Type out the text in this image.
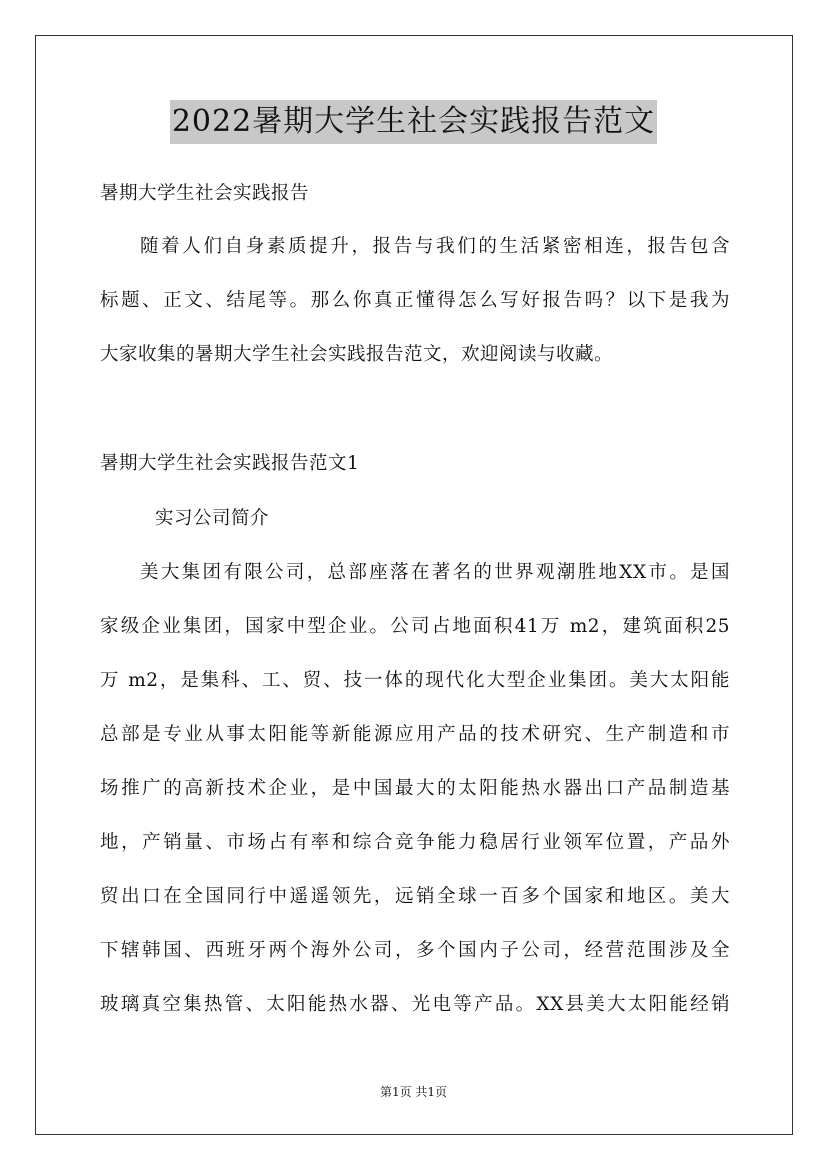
2022暑期大学生社会实践报告范文
暑期大学生社会实践报告
随着人们自身素质提升，报告与我们的生活紧密相连，报告包含
标题、正文、结尾等。那么你真正懂得怎么写好报告吗？以下是我为
大家收集的暑期大学生社会实践报告范文，欢迎阅读与收藏。
暑期大学生社会实践报告范文1
实习公司简介
美大集团有限公司，总部座落在著名的世界观潮胜地XX市。是国
家级企业集团，国家中型企业。公司占地面积41万 m2，建筑面积25
万 m2，是集科、工、贸、技一体的现代化大型企业集团。美大太阳能
总部是专业从事太阳能等新能源应用产品的技术研究、生产制造和市
场推广的高新技术企业，是中国最大的太阳能热水器出口产品制造基
地，产销量、市场占有率和综合竞争能力稳居行业领军位置，产品外
贸出口在全国同行中遥遥领先，远销全球一百多个国家和地区。美大
下辖韩国、西班牙两个海外公司，多个国内子公司，经营范围涉及全
玻璃真空集热管、太阳能热水器、光电等产品。XX县美大太阳能经销
第1页 共1页
